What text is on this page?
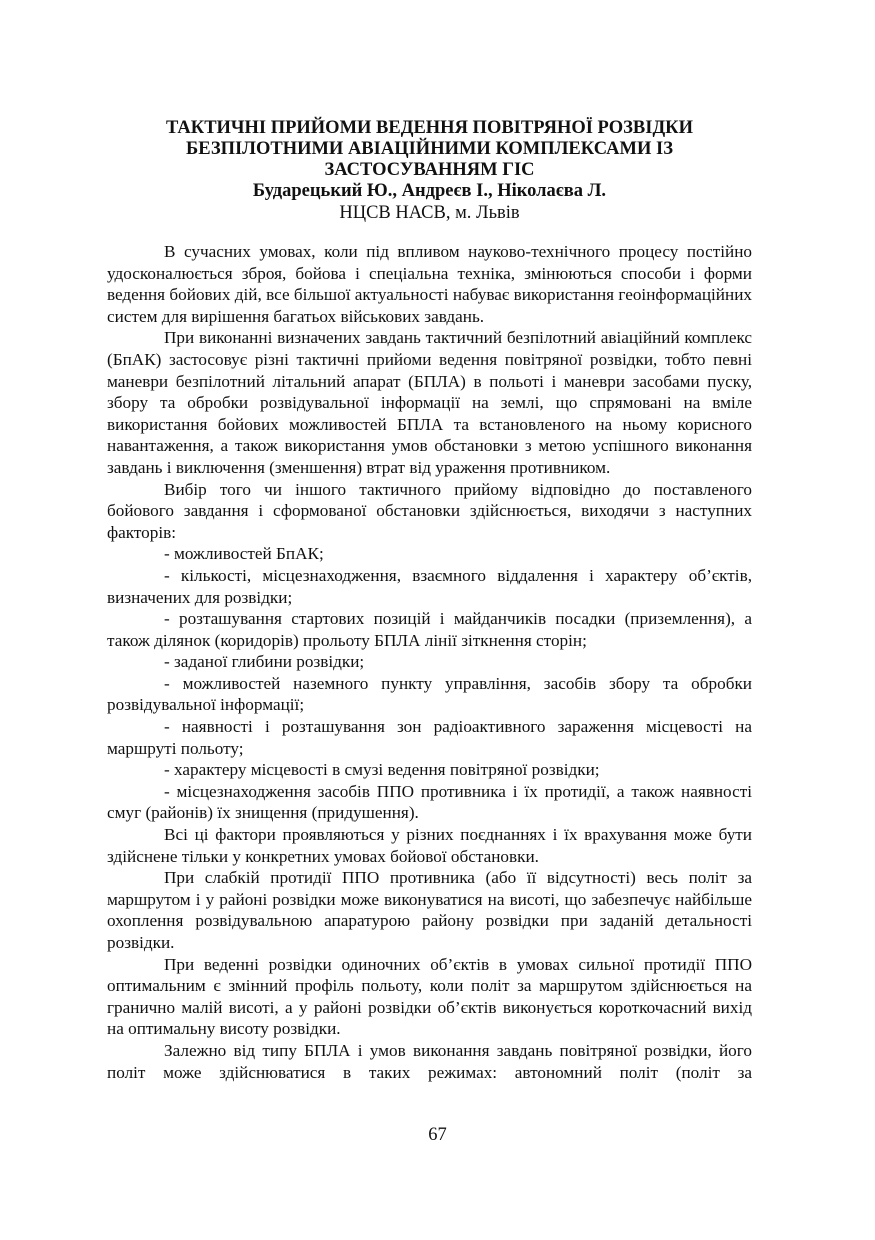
ТАКТИЧНІ ПРИЙОМИ ВЕДЕННЯ ПОВІТРЯНОЇ РОЗВІДКИ
БЕЗПІЛОТНИМИ АВІАЦІЙНИМИ КОМПЛЕКСАМИ ІЗ
ЗАСТОСУВАННЯМ ГІС
Бударецький Ю., Андреєв І., Ніколаєва Л.
НЦСВ НАСВ, м. Львів

В сучасних умовах, коли під впливом науково-технічного процесу постійно удосконалюється зброя, бойова і спеціальна техніка, змінюються способи і форми ведення бойових дій, все більшої актуальності набуває використання геоінформаційних систем для вирішення багатьох військових завдань.

При виконанні визначених завдань тактичний безпілотний авіаційний комплекс (БпАК) застосовує різні тактичні прийоми ведення повітряної розвідки, тобто певні маневри безпілотний літальний апарат (БПЛА) в польоті і маневри засобами пуску, збору та обробки розвідувальної інформації на землі, що спрямовані на вміле використання бойових можливостей БПЛА та встановленого на ньому корисного навантаження, а також використання умов обстановки з метою успішного виконання завдань і виключення (зменшення) втрат від ураження противником.

Вибір того чи іншого тактичного прийому відповідно до поставленого бойового завдання і сформованої обстановки здійснюється, виходячи з наступних факторів:

- можливостей БпАК;

- кількості, місцезнаходження, взаємного віддалення і характеру об’єктів, визначених для розвідки;

- розташування стартових позицій і майданчиків посадки (приземлення), а також ділянок (коридорів) прольоту БПЛА лінії зіткнення сторін;

- заданої глибини розвідки;

- можливостей наземного пункту управління, засобів збору та обробки розвідувальної інформації;

- наявності і розташування зон радіоактивного зараження місцевості на маршруті польоту;

- характеру місцевості в смузі ведення повітряної розвідки;

- місцезнаходження засобів ППО противника і їх протидії, а також наявності смуг (районів) їх знищення (придушення).

Всі ці фактори проявляються у різних поєднаннях і їх врахування може бути здійснене тільки у конкретних умовах бойової обстановки.

При слабкій протидії ППО противника (або її відсутності) весь політ за маршрутом і у районі розвідки може виконуватися на висоті, що забезпечує найбільше охоплення розвідувальною апаратурою району розвідки при заданій детальності розвідки.

При веденні розвідки одиночних об’єктів в умовах сильної протидії ППО оптимальним є змінний профіль польоту, коли політ за маршрутом здійснюється на гранично малій висоті, а у районі розвідки об’єктів виконується короткочасний вихід на оптимальну висоту розвідки.

Залежно від типу БПЛА і умов виконання завдань повітряної розвідки, його політ може здійснюватися в таких режимах: автономний політ (політ за

67
